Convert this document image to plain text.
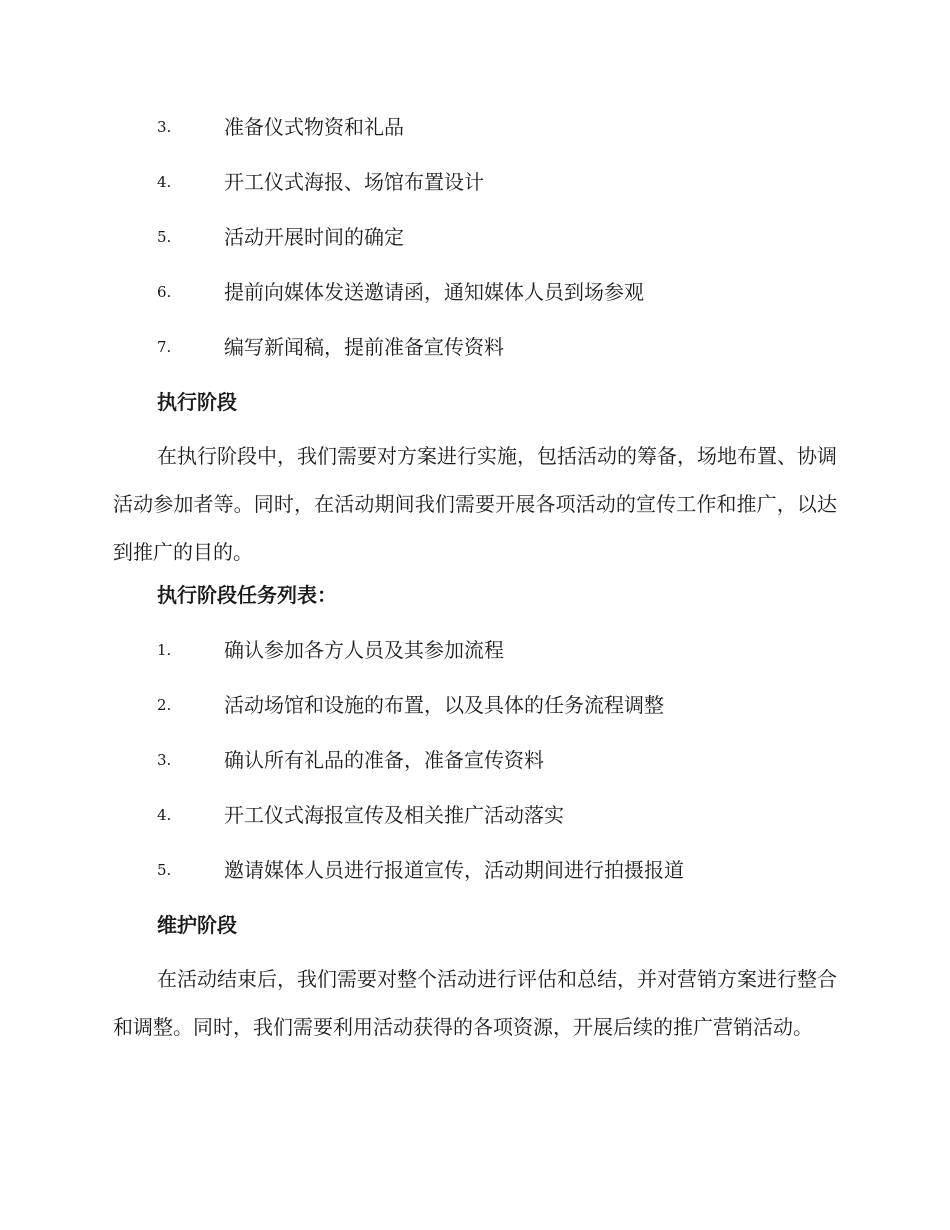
3.	准备仪式物资和礼品
4.	开工仪式海报、场馆布置设计
5.	活动开展时间的确定
6.	提前向媒体发送邀请函，通知媒体人员到场参观
7.	编写新闻稿，提前准备宣传资料
执行阶段

在执行阶段中，我们需要对方案进行实施，包括活动的筹备，场地布置、协调活动参加者等。同时，在活动期间我们需要开展各项活动的宣传工作和推广，以达到推广的目的。

执行阶段任务列表：
1.	确认参加各方人员及其参加流程
2.	活动场馆和设施的布置，以及具体的任务流程调整
3.	确认所有礼品的准备，准备宣传资料
4.	开工仪式海报宣传及相关推广活动落实
5.	邀请媒体人员进行报道宣传，活动期间进行拍摄报道
维护阶段

在活动结束后，我们需要对整个活动进行评估和总结，并对营销方案进行整合和调整。同时，我们需要利用活动获得的各项资源，开展后续的推广营销活动。
